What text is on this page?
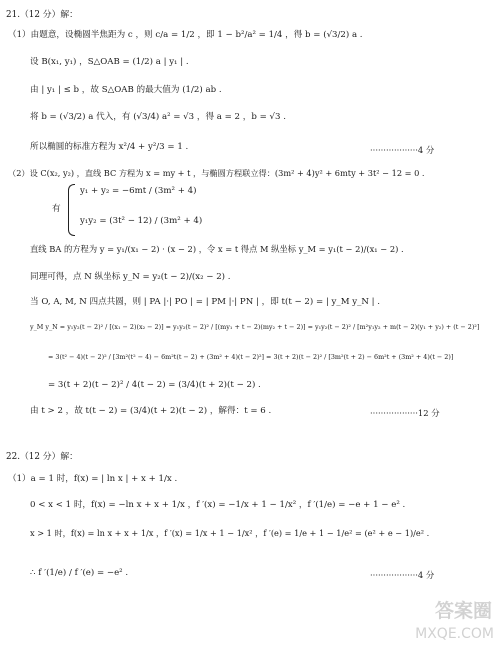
21.（12 分）解：
（1）由题意，设椭圆半焦距为 c ，则 c/a = 1/2 ，即 1 − b²/a² = 1/4 ，得 b = (√3/2) a .
设 B(x₁, y₁) ，S△OAB = (1/2) a | y₁ | .
由 | y₁ | ≤ b ，故 S△OAB 的最大值为 (1/2) ab .
将 b = (√3/2) a 代入，有 (√3/4) a² = √3 ，得 a = 2 ，b = √3 .
所以椭圆的标准方程为 x²/4 + y²/3 = 1 .	··················4 分
（2）设 C(x₂, y₂) ，直线 BC 方程为 x = my + t ，与椭圆方程联立得：(3m² + 4)y² + 6mty + 3t² − 12 = 0 .
有
y₁ + y₂ = −6mt / (3m² + 4)
y₁y₂ = (3t² − 12) / (3m² + 4)
直线 BA 的方程为 y = y₁/(x₁ − 2) · (x − 2) ，令 x = t 得点 M 纵坐标 y_M = y₁(t − 2)/(x₁ − 2) .
同理可得，点 N 纵坐标 y_N = y₂(t − 2)/(x₂ − 2) .
当 O, A, M, N 四点共圆，则 | PA |·| PO | = | PM |·| PN | ，即 t(t − 2) = | y_M y_N | .
y_M y_N = y₁y₂(t − 2)² / [(x₁ − 2)(x₂ − 2)] = y₁y₂(t − 2)² / [(my₁ + t − 2)(my₂ + t − 2)] = y₁y₂(t − 2)² / [m²y₁y₂ + m(t − 2)(y₁ + y₂) + (t − 2)²]
= 3(t² − 4)(t − 2)² / [3m²(t² − 4) − 6m²t(t − 2) + (3m² + 4)(t − 2)²] = 3(t + 2)(t − 2)² / [3m²(t + 2) − 6m²t + (3m² + 4)(t − 2)]
= 3(t + 2)(t − 2)² / 4(t − 2) = (3/4)(t + 2)(t − 2) .
由 t > 2 ，故 t(t − 2) = (3/4)(t + 2)(t − 2) ，解得：t = 6 .	··················12 分
22.（12 分）解：
（1）a = 1 时，f(x) = | ln x | + x + 1/x .
0 < x < 1 时，f(x) = −ln x + x + 1/x ，f ′(x) = −1/x + 1 − 1/x² ，f ′(1/e) = −e + 1 − e² .
x > 1 时，f(x) = ln x + x + 1/x ，f ′(x) = 1/x + 1 − 1/x² ，f ′(e) = 1/e + 1 − 1/e² = (e² + e − 1)/e² .
∴ f ′(1/e) / f ′(e) = −e² .	··················4 分
答案圈
MXQE.COM
